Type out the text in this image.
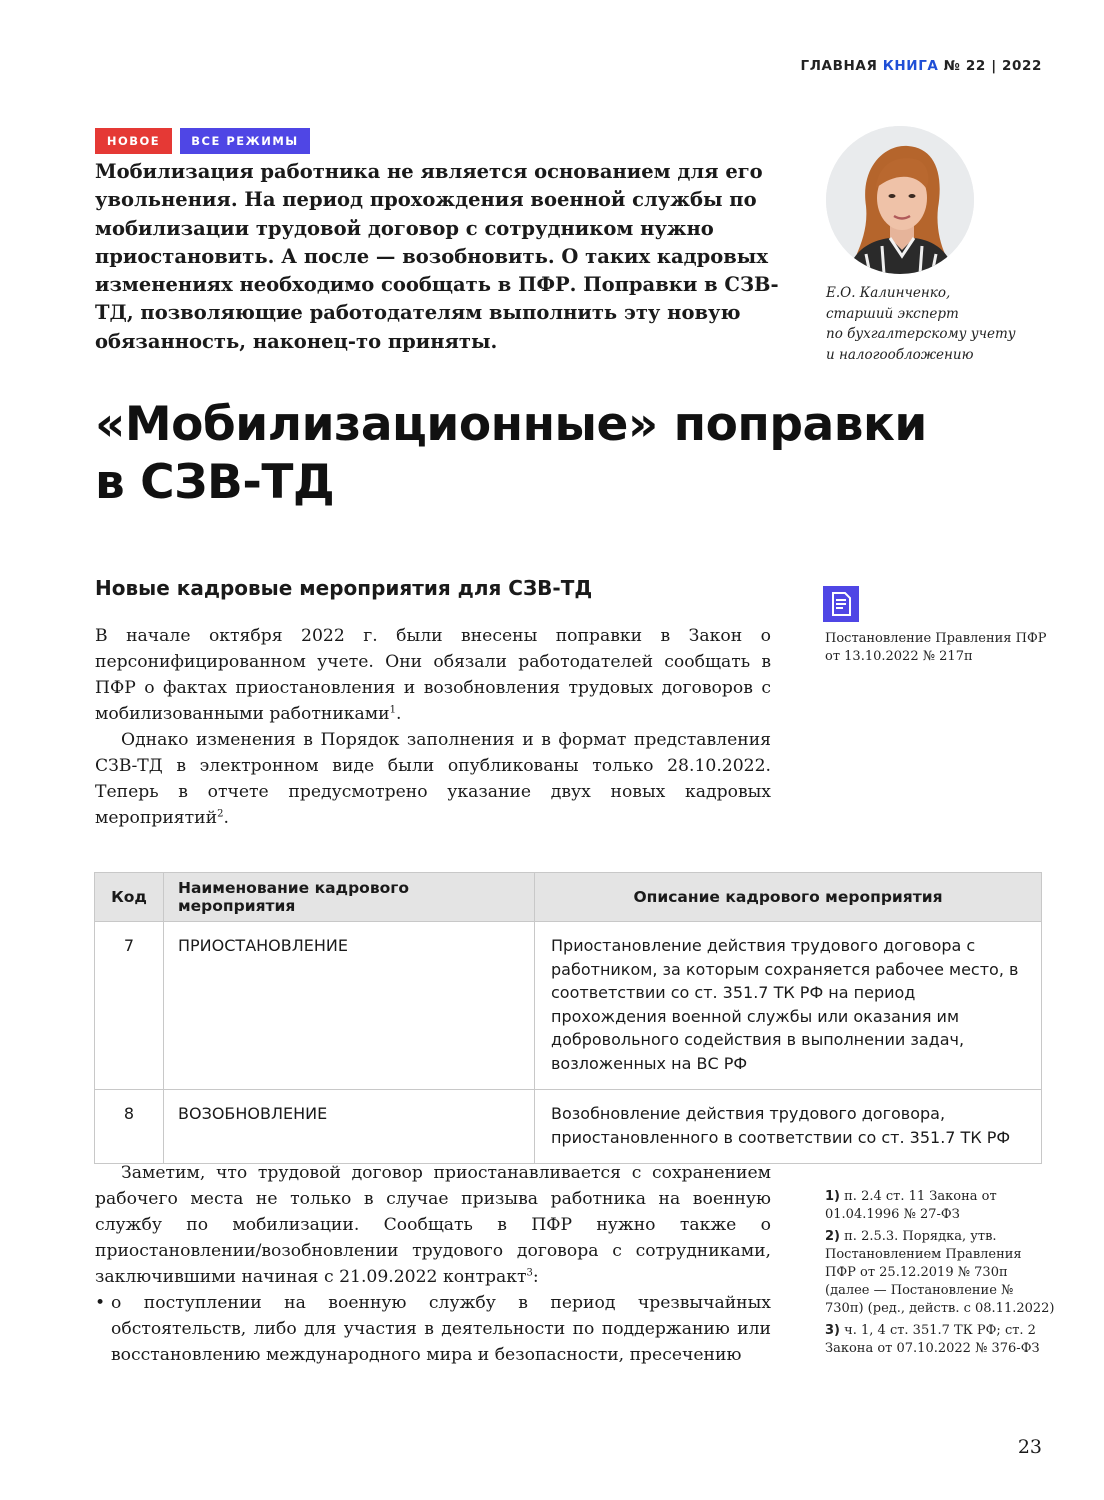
ГЛАВНАЯ КНИГА № 22 | 2022
НОВОЕ	ВСЕ РЕЖИМЫ
Мобилизация работника не является основанием для его увольнения. На период прохождения военной службы по мобилизации трудовой договор с сотрудником нужно приостановить. А после — возобновить. О таких кадровых изменениях необходимо сообщать в ПФР. Поправки в СЗВ-ТД, позволяющие работодателям выполнить эту новую обязанность, наконец-то приняты.
Е.О. Калинченко,
старший эксперт
по бухгалтерскому учету
и налогообложению
«Мобилизационные» поправки
в СЗВ-ТД
Новые кадровые мероприятия для СЗВ-ТД

В начале октября 2022 г. были внесены поправки в Закон о персонифицированном учете. Они обязали работодателей сообщать в ПФР о фактах приостановления и возобновления трудовых договоров с мобилизованными работниками$^1$.

Однако изменения в Порядок заполнения и в формат представления СЗВ-ТД в электронном виде были опубликованы только 28.10.2022. Теперь в отчете предусмотрено указание двух новых кадровых мероприятий$^2$.

Постановление Правления ПФР от 13.10.2022 № 217п
Код	Наименование кадрового мероприятия	Описание кадрового мероприятия
7	ПРИОСТАНОВЛЕНИЕ	Приостановление действия трудового договора с работником, за которым сохраняется рабочее место, в соответствии со ст. 351.7 ТК РФ на период прохождения военной службы или оказания им добровольного содействия в выполнении задач, возложенных на ВС РФ
8	ВОЗОБНОВЛЕНИЕ	Возобновление действия трудового договора, приостановленного в соответствии со ст. 351.7 ТК РФ

Заметим, что трудовой договор приостанавливается с сохранением рабочего места не только в случае призыва работника на военную службу по мобилизации. Сообщать в ПФР нужно также о приостановлении/возобновлении трудового договора с сотрудниками, заключившими начиная с 21.09.2022 контракт$^3$:

• о поступлении на военную службу в период чрезвычайных обстоятельств, либо для участия в деятельности по поддержанию или восстановлению международного мира и безопасности, пресечению
1) п. 2.4 ст. 11 Закона от 01.04.1996 № 27-ФЗ
2) п. 2.5.3. Порядка, утв. Постановлением Правления ПФР от 25.12.2019 № 730п (далее — Постановление № 730п) (ред., действ. с 08.11.2022)
3) ч. 1, 4 ст. 351.7 ТК РФ; ст. 2 Закона от 07.10.2022 № 376-ФЗ
23
